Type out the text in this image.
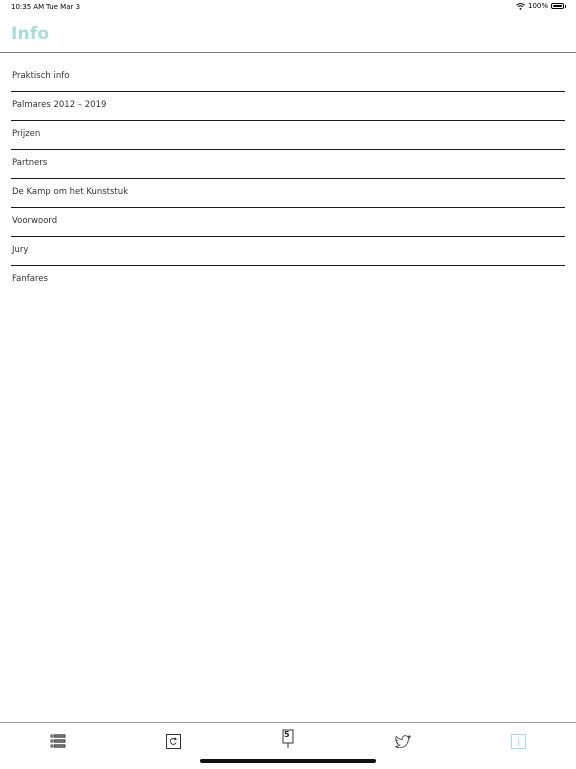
10:35 AM Tue Mar 3	100%
Info
Praktisch info
Palmares 2012 – 2019
Prijzen
Partners
De Kamp om het Kunststuk
Voorwoord
Jury
Fanfares
5
